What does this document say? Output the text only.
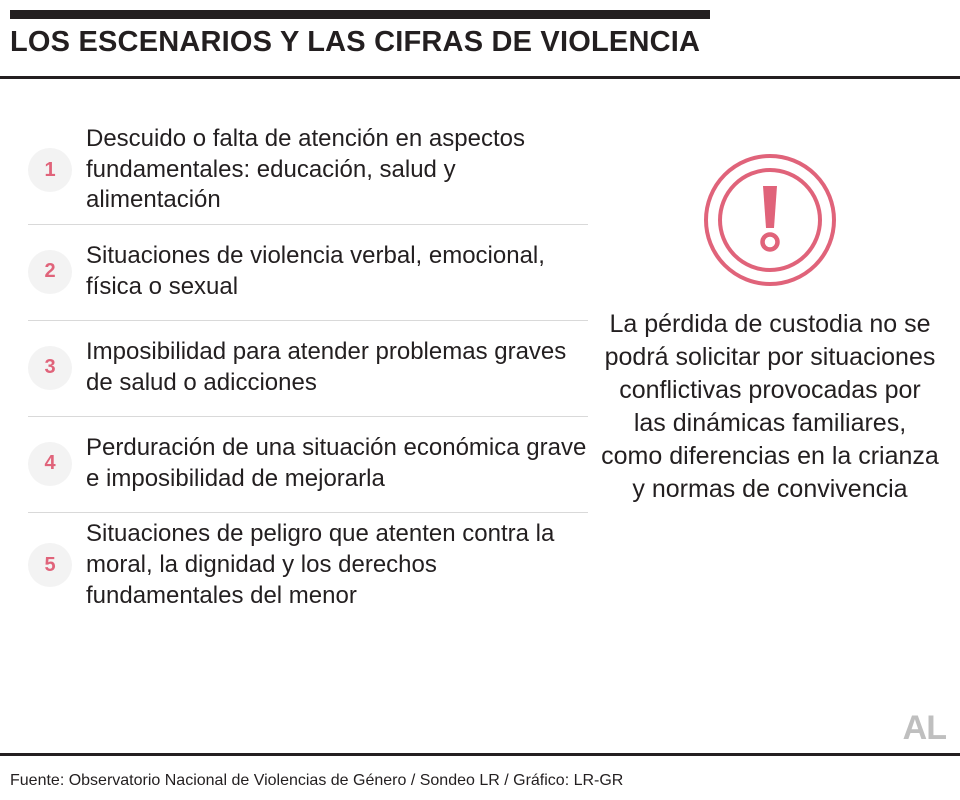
LOS ESCENARIOS Y LAS CIFRAS DE VIOLENCIA
1
Descuido o falta de atención en aspectos fundamentales: educación, salud y alimentación
2
Situaciones de violencia verbal, emocional, física o sexual
3
Imposibilidad para atender problemas graves de salud o adicciones
4
Perduración de una situación económica grave e imposibilidad de mejorarla
5
Situaciones de peligro que atenten contra la moral, la dignidad y los derechos fundamentales del menor
La pérdida de custodia no se podrá solicitar por situaciones conflictivas provocadas por las dinámicas familiares, como diferencias en la crianza y normas de convivencia
Fuente: Observatorio Nacional de Violencias de Género / Sondeo LR / Gráfico: LR-GR
AL
